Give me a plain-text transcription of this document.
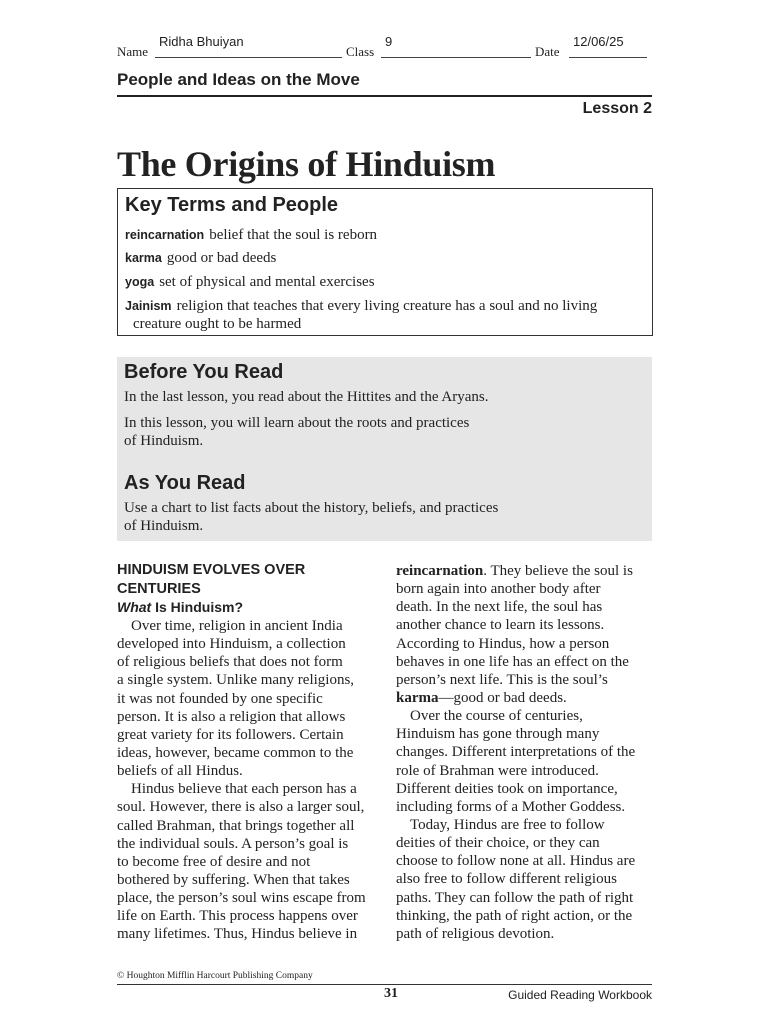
Name
Ridha Bhuiyan
Class
9
Date
12/06/25
People and Ideas on the Move
Lesson 2
The Origins of Hinduism
Key Terms and People
reincarnation belief that the soul is reborn
karma good or bad deeds
yoga set of physical and mental exercises
Jainism religion that teaches that every living creature has a soul and no living
creature ought to be harmed
Before You Read
In the last lesson, you read about the Hittites and the Aryans.
In this lesson, you will learn about the roots and practices
of Hinduism.
As You Read
Use a chart to list facts about the history, beliefs, and practices
of Hinduism.
HINDUISM EVOLVES OVER
CENTURIES
What Is Hinduism?
Over time, religion in ancient India
developed into Hinduism, a collection
of religious beliefs that does not form
a single system. Unlike many religions,
it was not founded by one specific
person. It is also a religion that allows
great variety for its followers. Certain
ideas, however, became common to the
beliefs of all Hindus.
Hindus believe that each person has a
soul. However, there is also a larger soul,
called Brahman, that brings together all
the individual souls. A person’s goal is
to become free of desire and not
bothered by suffering. When that takes
place, the person’s soul wins escape from
life on Earth. This process happens over
many lifetimes. Thus, Hindus believe in
reincarnation. They believe the soul is
born again into another body after
death. In the next life, the soul has
another chance to learn its lessons.
According to Hindus, how a person
behaves in one life has an effect on the
person’s next life. This is the soul’s
karma—good or bad deeds.
Over the course of centuries,
Hinduism has gone through many
changes. Different interpretations of the
role of Brahman were introduced.
Different deities took on importance,
including forms of a Mother Goddess.
Today, Hindus are free to follow
deities of their choice, or they can
choose to follow none at all. Hindus are
also free to follow different religious
paths. They can follow the path of right
thinking, the path of right action, or the
path of religious devotion.
© Houghton Mifflin Harcourt Publishing Company
31	Guided Reading Workbook
